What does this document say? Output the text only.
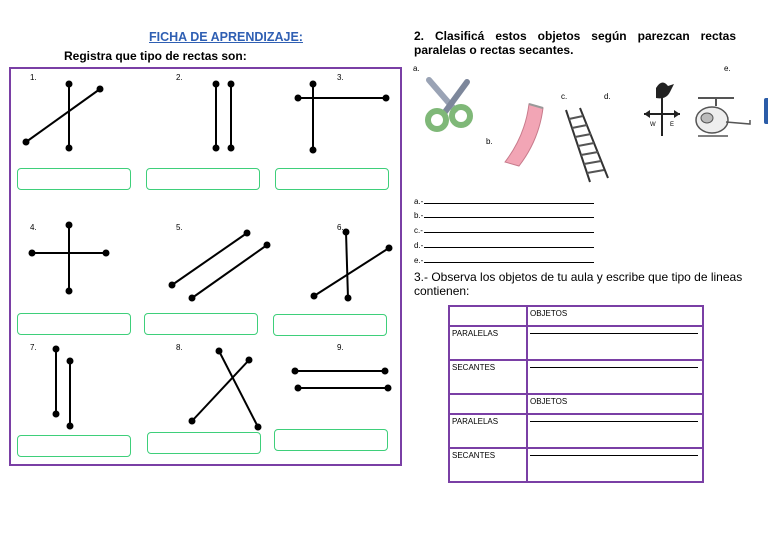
FICHA DE APRENDIZAJE:
Registra que tipo de rectas son:
1.	2.	3.
4.	5.	6.
7.	8.	9.
2. Clasificá estos objetos según parezcan rectas paralelas o rectas secantes.
a.
b.
c.	d.
e.
W E
a.-
b.-
c.-
d.-
e.-
3.- Observa los objetos de tu aula y escribe que tipo de lineas contienen:
	OBJETOS
PARALELAS	

SECANTES	

	OBJETOS
PARALELAS	

SECANTES	
